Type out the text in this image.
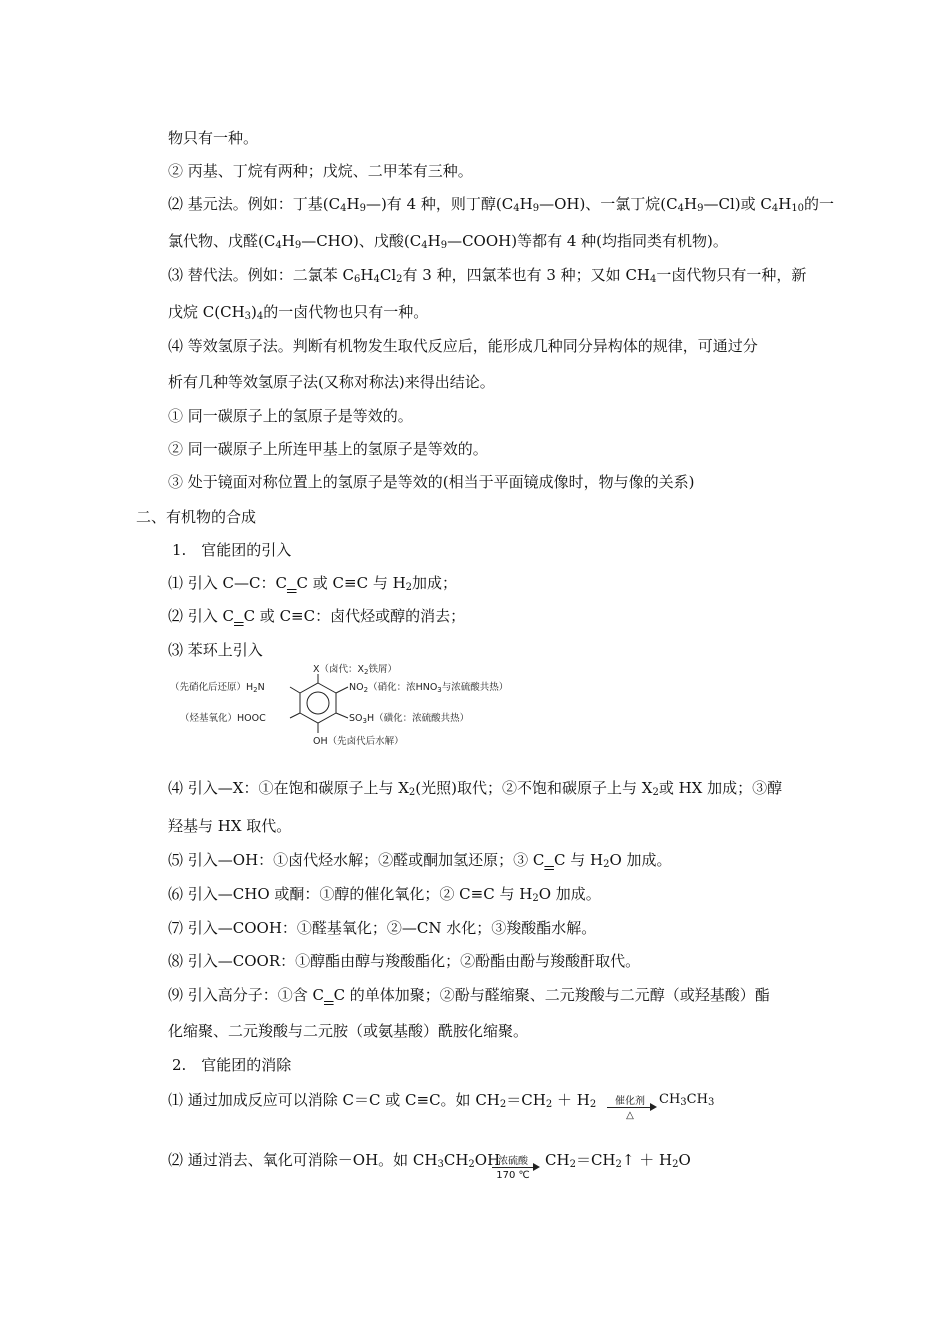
物只有一种。
② 丙基、丁烷有两种；戊烷、二甲苯有三种。
⑵ 基元法。例如：丁基$(C_4H_9—)$有 4 种，则丁醇$(C_4H_9—OH)$、一氯丁烷$(C_4H_9—Cl)$或 $C_4H_{10}$的一
氯代物、戊醛$(C_4H_9—CHO)$、戊酸$(C_4H_9—COOH)$等都有 4 种(均指同类有机物)。
⑶ 替代法。例如：二氯苯 $C_6H_4Cl_2$有 3 种，四氯苯也有 3 种；又如 $CH_4$一卤代物只有一种，新
戊烷 $C(CH_3)_4$的一卤代物也只有一种。
⑷ 等效氢原子法。判断有机物发生取代反应后，能形成几种同分异构体的规律，可通过分
析有几种等效氢原子法(又称对称法)来得出结论。
① 同一碳原子上的氢原子是等效的。
② 同一碳原子上所连甲基上的氢原子是等效的。
③ 处于镜面对称位置上的氢原子是等效的(相当于平面镜成像时，物与像的关系)
二、有机物的合成
1.　官能团的引入
⑴ 引入 C—C：C C 或 C≡C 与 $H_2$加成；
⑵ 引入 C C 或 C≡C：卤代烃或醇的消去；
⑶ 苯环上引入
X（卤代：$X_2$铁屑）
（先硝化后还原）$H_2N$
（烃基氧化）HOOC
$NO_2$（硝化：浓$HNO_3$与浓硫酸共热）
$SO_3H$（磺化：浓硫酸共热）
OH（先卤代后水解）
⑷ 引入—X：①在饱和碳原子上与 $X_2$(光照)取代；②不饱和碳原子上与 $X_2$或 HX 加成；③醇
羟基与 HX 取代。
⑸ 引入—OH：①卤代烃水解；②醛或酮加氢还原；③ C C 与 $H_2O$ 加成。
⑹ 引入—CHO 或酮：①醇的催化氧化；② C≡C 与 $H_2O$ 加成。
⑺ 引入—COOH：①醛基氧化；②—CN 水化；③羧酸酯水解。
⑻ 引入—COOR：①醇酯由醇与羧酸酯化；②酚酯由酚与羧酸酐取代。
⑼ 引入高分子：①含 C C 的单体加聚；②酚与醛缩聚、二元羧酸与二元醇（或羟基酸）酯
化缩聚、二元羧酸与二元胺（或氨基酸）酰胺化缩聚。
2.　官能团的消除
⑴ 通过加成反应可以消除 C＝C 或 C≡C。如 $CH_2=CH_2 + H_2$	催化剂
△
$CH_3CH_3$
⑵ 通过消去、氧化可消除－OH。如 $CH_3CH_2OH$
浓硫酸
170 ℃
$CH_2=CH_2↑ + H_2O$
